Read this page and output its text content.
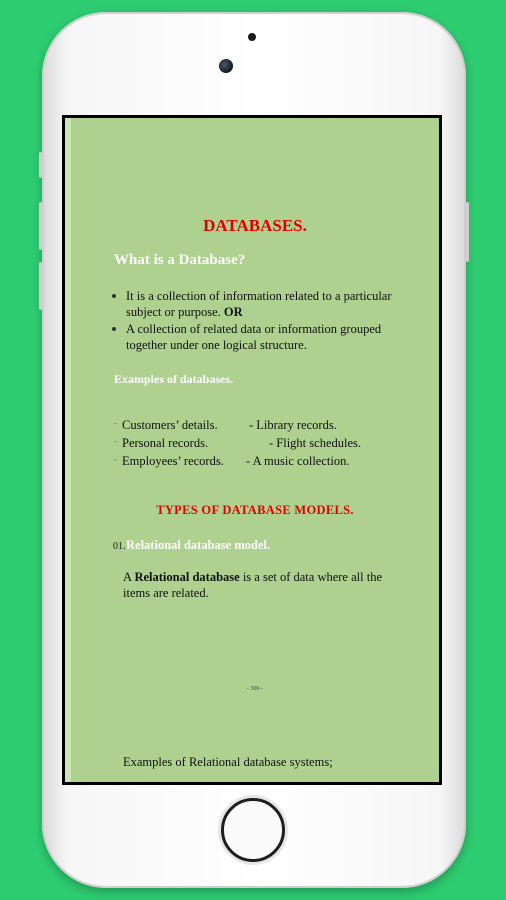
DATABASES.
What is a Database?
It is a collection of information related to a particular
subject or purpose. OR
A collection of related data or information grouped
together under one logical structure.
Examples of databases.
- Customers’ details.	- Library records.
- Personal records.	- Flight schedules.
- Employees’ records. - A music collection.
TYPES OF DATABASE MODELS.
01. Relational database model.
A Relational database is a set of data where all the
items are related.
- 306 -
Examples of Relational database systems;
